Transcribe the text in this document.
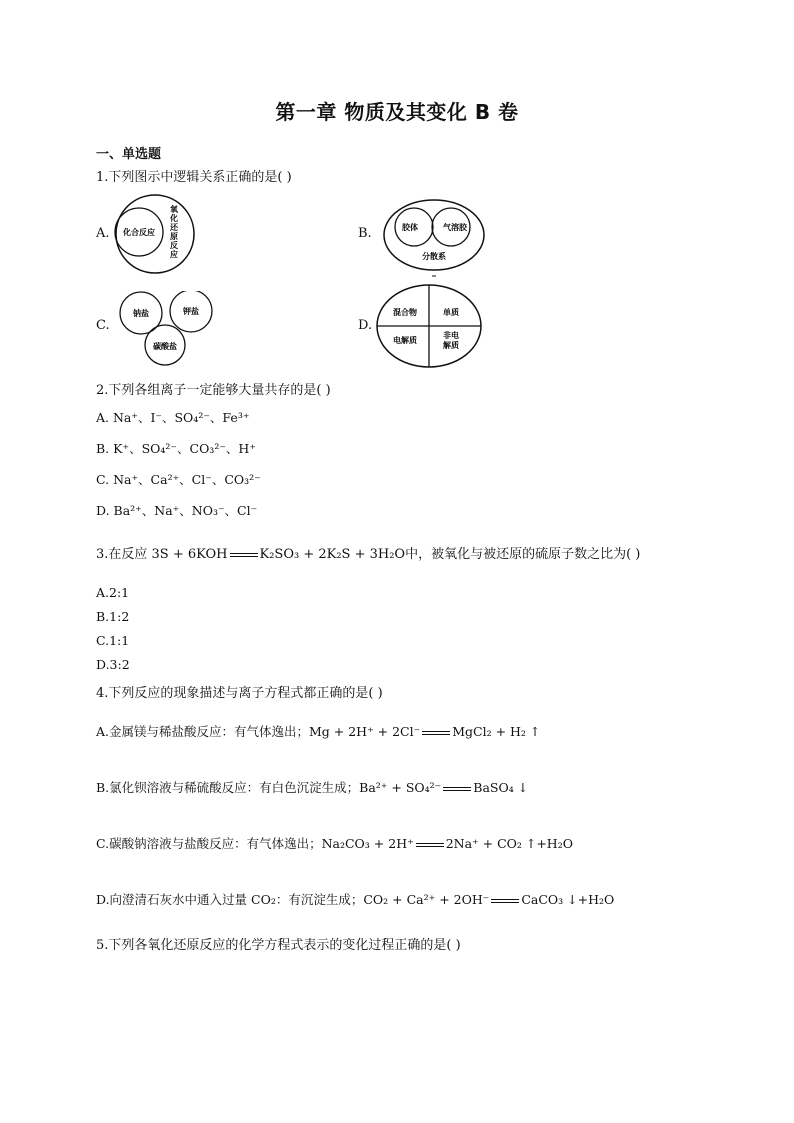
第一章 物质及其变化 B 卷
一、单选题
1.下列图示中逻辑关系正确的是( )
A. 化合反应
氧化还原反应
B.	胶体	气溶胶
分散系
C.
钠盐	钾盐
碳酸盐
D.
混合物	单质
电解质
非电
解质
2.下列各组离子一定能够大量共存的是( )
A. Na⁺、I⁻、SO₄²⁻、Fe³⁺
B. K⁺、SO₄²⁻、CO₃²⁻、H⁺
C. Na⁺、Ca²⁺、Cl⁻、CO₃²⁻
D. Ba²⁺、Na⁺、NO₃⁻、Cl⁻
3.在反应 3S + 6KOH K₂SO₃ + 2K₂S + 3H₂O中，被氧化与被还原的硫原子数之比为( )
A.2:1
B.1:2
C.1:1
D.3:2
4.下列反应的现象描述与离子方程式都正确的是( )
A.金属镁与稀盐酸反应：有气体逸出；Mg + 2H⁺ + 2Cl⁻	MgCl₂ + H₂ ↑
B.氯化钡溶液与稀硫酸反应：有白色沉淀生成；Ba²⁺ + SO₄²⁻	BaSO₄ ↓
C.碳酸钠溶液与盐酸反应：有气体逸出；Na₂CO₃ + 2H⁺	2Na⁺ + CO₂ ↑+H₂O
D.向澄清石灰水中通入过量 CO₂：有沉淀生成；CO₂ + Ca²⁺ + 2OH⁻	CaCO₃ ↓+H₂O
5.下列各氧化还原反应的化学方程式表示的变化过程正确的是( )
